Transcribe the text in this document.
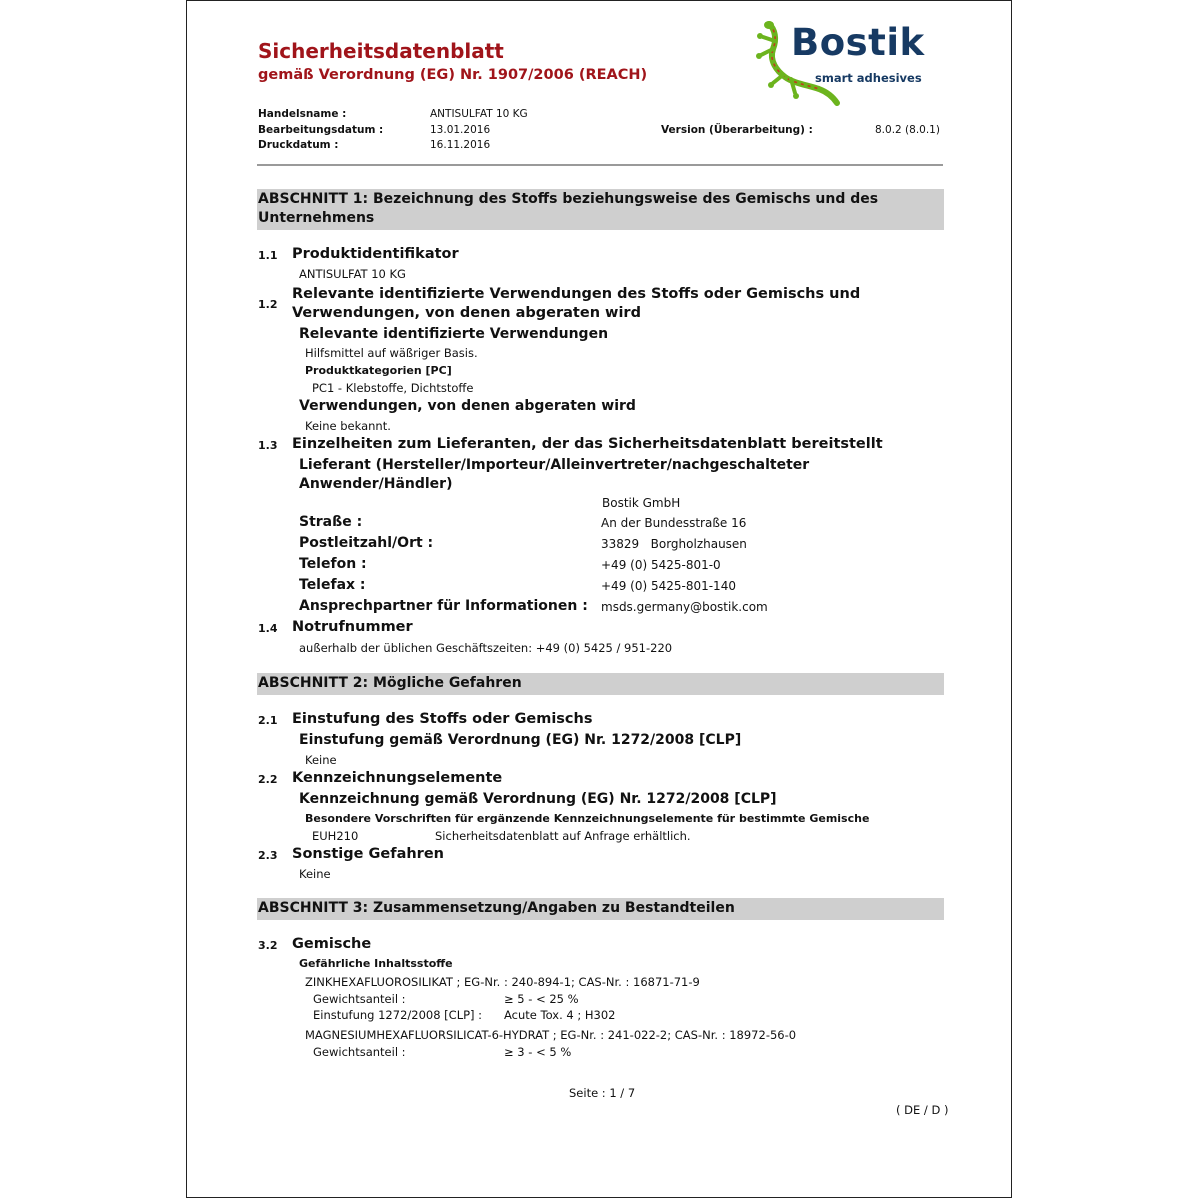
Sicherheitsdatenblatt
gemäß Verordnung (EG) Nr. 1907/2006 (REACH)
Bostik
smart adhesives
Handelsname :	ANTISULFAT 10 KG
Bearbeitungsdatum :	13.01.2016	Version (Überarbeitung) :	8.0.2 (8.0.1)
Druckdatum :	16.11.2016
ABSCHNITT 1: Bezeichnung des Stoffs beziehungsweise des Gemischs und des
Unternehmens
1.1 Produktidentifikator
ANTISULFAT 10 KG
1.2
Relevante identifizierte Verwendungen des Stoffs oder Gemischs und
Verwendungen, von denen abgeraten wird
Relevante identifizierte Verwendungen
Hilfsmittel auf wäßriger Basis.
Produktkategorien [PC]
PC1 - Klebstoffe, Dichtstoffe
Verwendungen, von denen abgeraten wird
Keine bekannt.
1.3 Einzelheiten zum Lieferanten, der das Sicherheitsdatenblatt bereitstellt
Lieferant (Hersteller/Importeur/Alleinvertreter/nachgeschalteter
Anwender/Händler)
Bostik GmbH
Straße :	An der Bundesstraße 16
Postleitzahl/Ort :	33829   Borgholzhausen
Telefon :	+49 (0) 5425-801-0
Telefax :	+49 (0) 5425-801-140
Ansprechpartner für Informationen : msds.germany@bostik.com
1.4 Notrufnummer
außerhalb der üblichen Geschäftszeiten: +49 (0) 5425 / 951-220
ABSCHNITT 2: Mögliche Gefahren
2.1 Einstufung des Stoffs oder Gemischs
Einstufung gemäß Verordnung (EG) Nr. 1272/2008 [CLP]
Keine
2.2 Kennzeichnungselemente
Kennzeichnung gemäß Verordnung (EG) Nr. 1272/2008 [CLP]
Besondere Vorschriften für ergänzende Kennzeichnungselemente für bestimmte Gemische
EUH210	Sicherheitsdatenblatt auf Anfrage erhältlich.
2.3 Sonstige Gefahren
Keine
ABSCHNITT 3: Zusammensetzung/Angaben zu Bestandteilen
3.2 Gemische
Gefährliche Inhaltsstoffe
ZINKHEXAFLUOROSILIKAT ; EG-Nr. : 240-894-1; CAS-Nr. : 16871-71-9
Gewichtsanteil :	≥ 5 - < 25 %
Einstufung 1272/2008 [CLP] : Acute Tox. 4 ; H302
MAGNESIUMHEXAFLUORSILICAT-6-HYDRAT ; EG-Nr. : 241-022-2; CAS-Nr. : 18972-56-0
Gewichtsanteil :	≥ 3 - < 5 %
Seite : 1 / 7
( DE / D )
